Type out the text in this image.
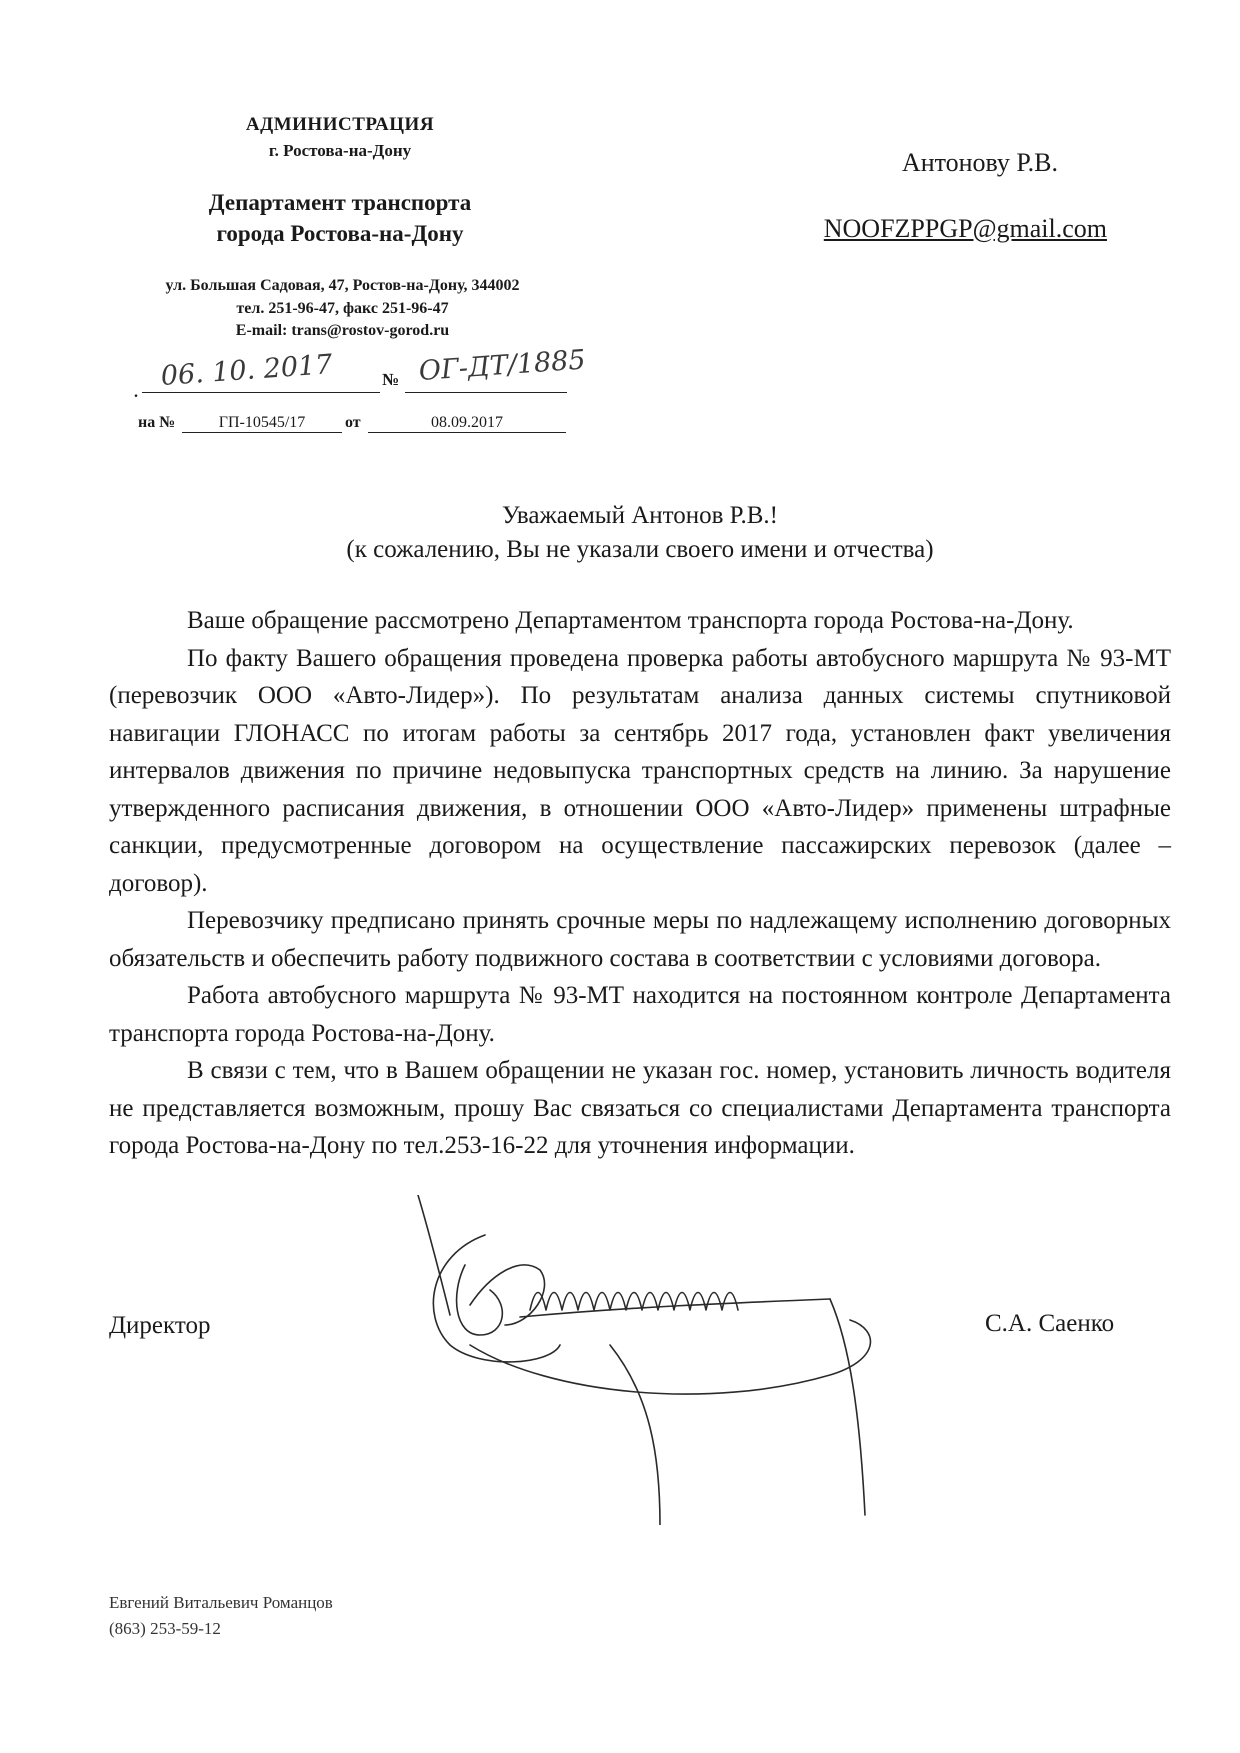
АДМИНИСТРАЦИЯ
г. Ростова-на-Дону
Департамент транспорта
города Ростова-на-Дону
ул. Большая Садовая, 47, Ростов-на-Дону, 344002
тел. 251-96-47, факс 251-96-47
E-mail: trans@rostov-gorod.ru
.
06. 10. 2017	№ ОГ-ДТ/1885
на №	ГП-10545/17	от	08.09.2017
Антонову Р.В.
NOOFZPPGP@gmail.com
Уважаемый Антонов Р.В.!
(к сожалению, Вы не указали своего имени и отчества)

Ваше обращение рассмотрено Департаментом транспорта города Ростова-на-Дону.

По факту Вашего обращения проведена проверка работы автобусного маршрута № 93-МТ (перевозчик ООО «Авто-Лидер»). По результатам анализа данных системы спутниковой навигации ГЛОНАСС по итогам работы за сентябрь 2017 года, установлен факт увеличения интервалов движения по причине недовыпуска транспортных средств на линию. За нарушение утвержденного расписания движения, в отношении ООО «Авто-Лидер» применены штрафные санкции, предусмотренные договором на осуществление пассажирских перевозок (далее – договор).

Перевозчику предписано принять срочные меры по надлежащему исполнению договорных обязательств и обеспечить работу подвижного состава в соответствии с условиями договора.

Работа автобусного маршрута № 93-МТ находится на постоянном контроле Департамента транспорта города Ростова-на-Дону.

В связи с тем, что в Вашем обращении не указан гос. номер, установить личность водителя не представляется возможным, прошу Вас связаться со специалистами Департамента транспорта города Ростова-на-Дону по тел.253-16-22 для уточнения информации.

Директор	С.А. Саенко
Евгений Витальевич Романцов
(863) 253-59-12
